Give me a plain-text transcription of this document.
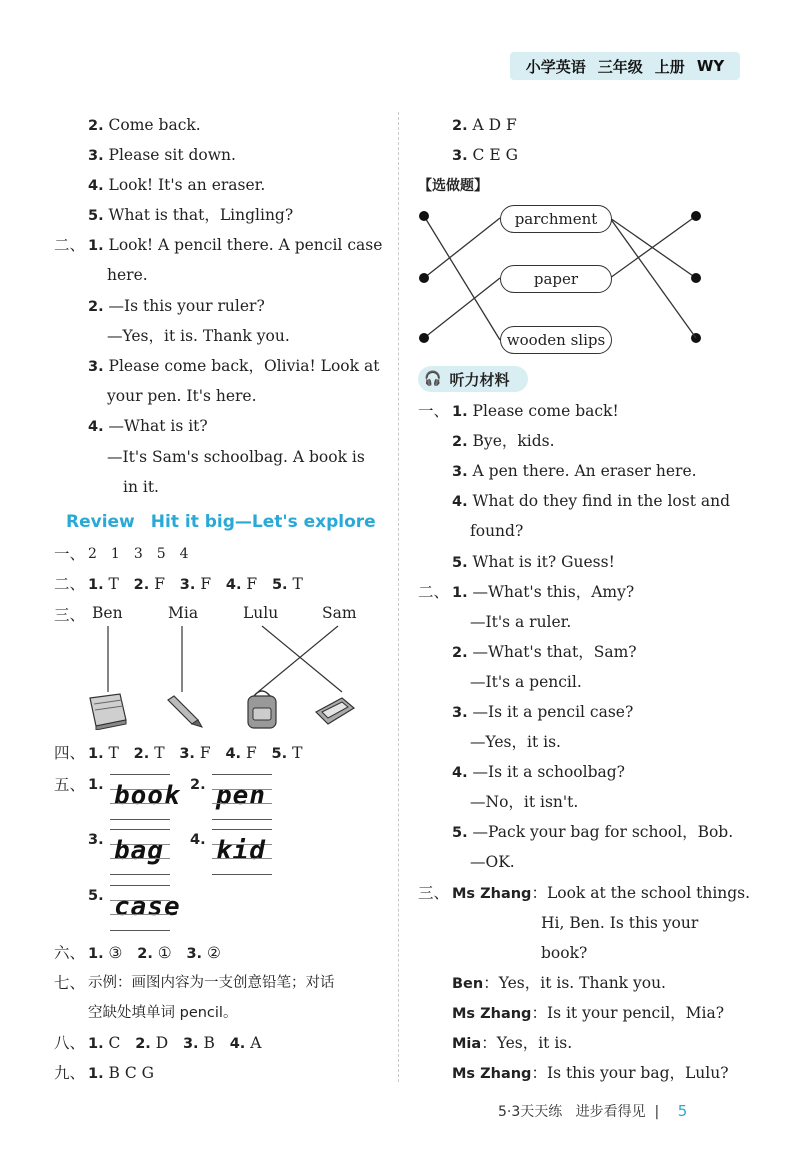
小学英语 三年级 上册 WY
2. Come back.
3. Please sit down.
4. Look! It's an eraser.
5. What is that，Lingling?
二、 1. Look! A pencil there. A pencil case
here.
2. —Is this your ruler?
—Yes，it is. Thank you.
3. Please come back，Olivia! Look at
your pen. It's here.
4. —What is it?
—It's Sam's schoolbag. A book is
in it.
Review Hit it big—Let's explore
一、 2　1　3　5　4
二、 1. T 2. F 3. F 4. F 5. T
三、 Ben	Mia	Lulu	Sam
四、 1. T 2. T 3. F 4. F 5. T
五、 1. book 2. pen
3. bag 4. kid
5. case
六、 1. ③ 2. ① 3. ②
七、 示例：画图内容为一支创意铅笔；对话
空缺处填单词 pencil。
八、 1. C 2. D 3. B 4. A
九、 1. B C G
2. A D F
3. C E G
【选做题】
parchment
paper
wooden slips
🎧 听力材料
一、 1. Please come back!
2. Bye，kids.
3. A pen there. An eraser here.
4. What do they find in the lost and
found?
5. What is it? Guess!
二、 1. —What's this，Amy?
—It's a ruler.
2. —What's that，Sam?
—It's a pencil.
3. —Is it a pencil case?
—Yes，it is.
4. —Is it a schoolbag?
—No，it isn't.
5. —Pack your bag for school，Bob.
—OK.
三、 Ms Zhang：Look at the school things.
Hi, Ben. Is this your
book?
Ben：Yes，it is. Thank you.
Ms Zhang：Is it your pencil，Mia?
Mia：Yes，it is.
Ms Zhang：Is this your bag，Lulu?
5·3天天练 进步看得见 | 5
